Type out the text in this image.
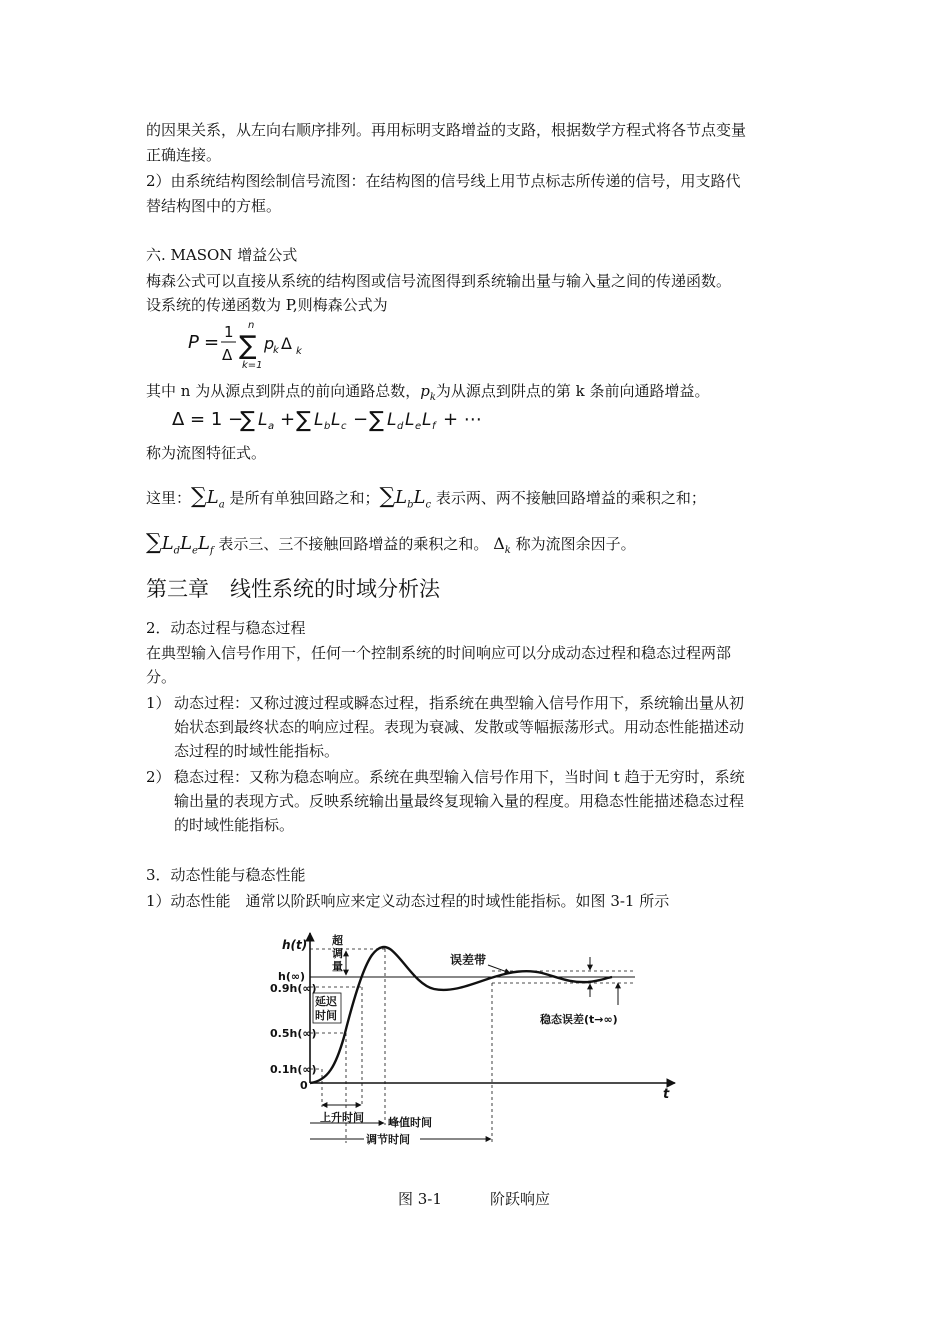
的因果关系，从左向右顺序排列。再用标明支路增益的支路，根据数学方程式将各节点变量
正确连接。
2）由系统结构图绘制信号流图：在结构图的信号线上用节点标志所传递的信号，用支路代
替结构图中的方框。
六. MASON 增益公式
梅森公式可以直接从系统的结构图或信号流图得到系统输出量与输入量之间的传递函数。
设系统的传递函数为 P,则梅森公式为
P = 1
Δ
n
∑
k=1
p
k Δ k
其中 n 为从源点到阱点的前向通路总数，$p_k$为从源点到阱点的第 k 条前向通路增益。
Δ = 1 −
∑ L a + ∑ L b L c − ∑ L d L e L f + ⋯
称为流图特征式。
这里：$\sum L_a$ 是所有单独回路之和；$\sum L_bL_c$ 表示两、两不接触回路增益的乘积之和；
$\sum L_dL_eL_f$ 表示三、三不接触回路增益的乘积之和。 $\Delta_k$ 称为流图余因子。
第三章　线性系统的时域分析法
2．动态过程与稳态过程
在典型输入信号作用下，任何一个控制系统的时间响应可以分成动态过程和稳态过程两部
分。
1） 动态过程：又称过渡过程或瞬态过程，指系统在典型输入信号作用下，系统输出量从初
始状态到最终状态的响应过程。表现为衰减、发散或等幅振荡形式。用动态性能描述动
态过程的时域性能指标。
2） 稳态过程：又称为稳态响应。系统在典型输入信号作用下，当时间 t 趋于无穷时，系统
输出量的表现方式。反映系统输出量最终复现输入量的程度。用稳态性能描述稳态过程
的时域性能指标。
3．动态性能与稳态性能
1）动态性能　通常以阶跃响应来定义动态过程的时域性能指标。如图 3-1 所示
h(t)
t
h(∞)
0.9h(∞)
0.5h(∞)
0.1h(∞)
0
超
调
量	误差带
稳态误差(t→∞)
延迟
时间
上升时间 峰值时间
调节时间
图 3-1	阶跃响应
